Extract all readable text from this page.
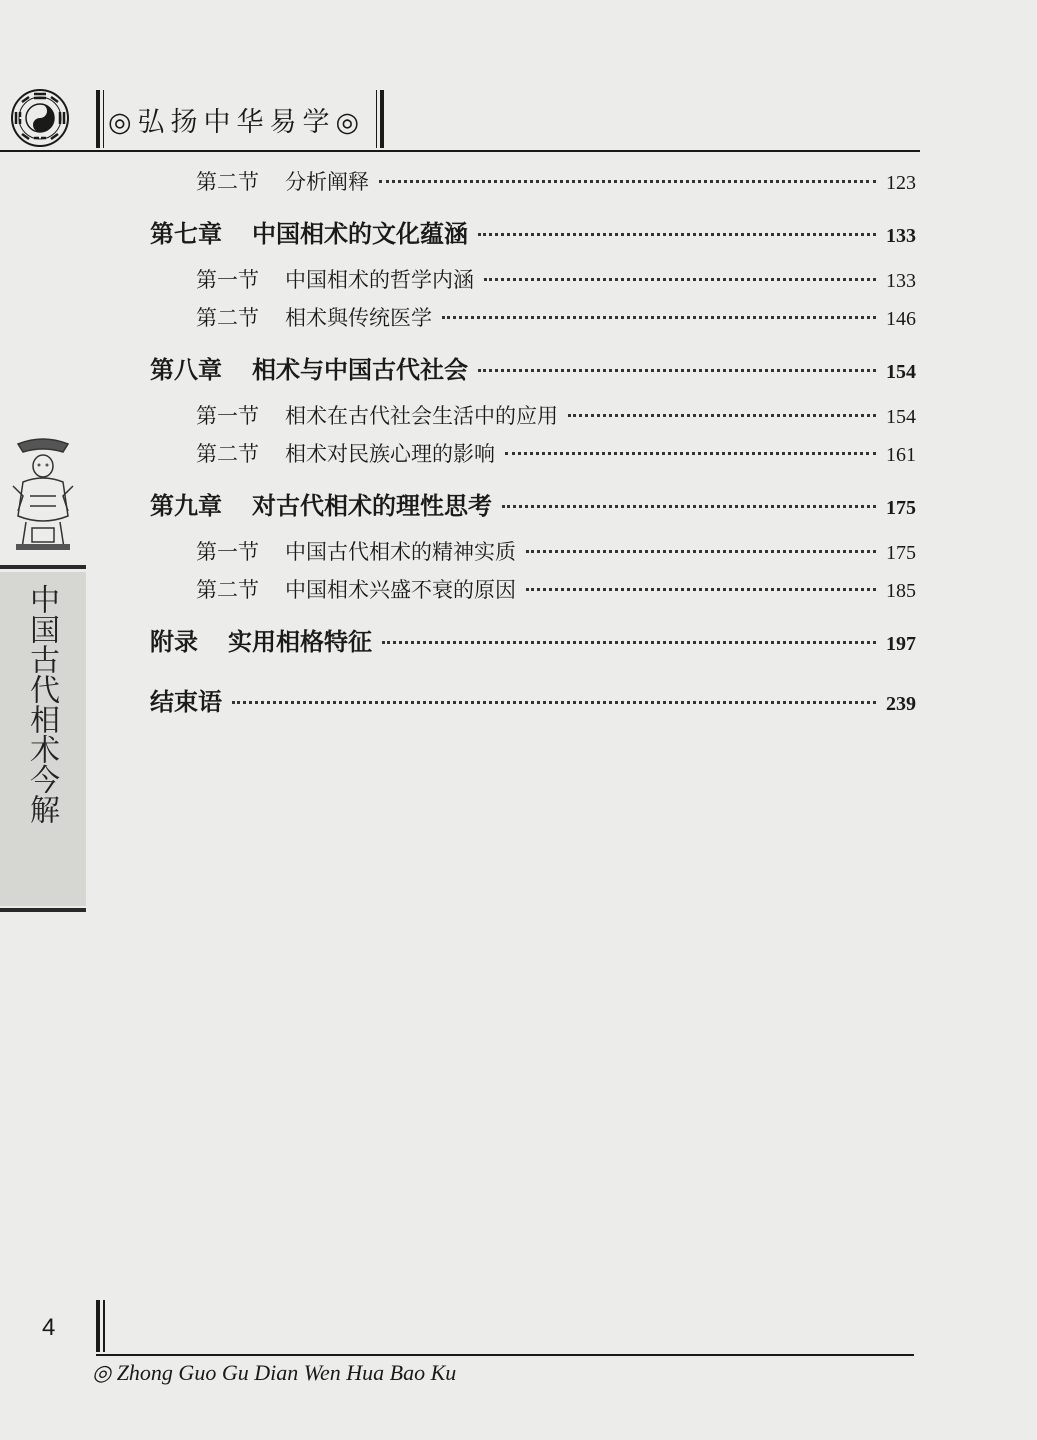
◎弘扬中华易学◎
中国古代相术今解
第二节 分析阐释	123
第七章 中国相术的文化蕴涵	133
第一节 中国相术的哲学内涵	133
第二节 相术與传统医学	146
第八章 相术与中国古代社会	154
第一节 相术在古代社会生活中的应用	154
第二节 相术对民族心理的影响	161
第九章 对古代相术的理性思考	175
第一节 中国古代相术的精神实质	175
第二节 中国相术兴盛不衰的原因	185
附录 实用相格特征	197
结束语	239
4
◎ Zhong Guo Gu Dian Wen Hua Bao Ku
